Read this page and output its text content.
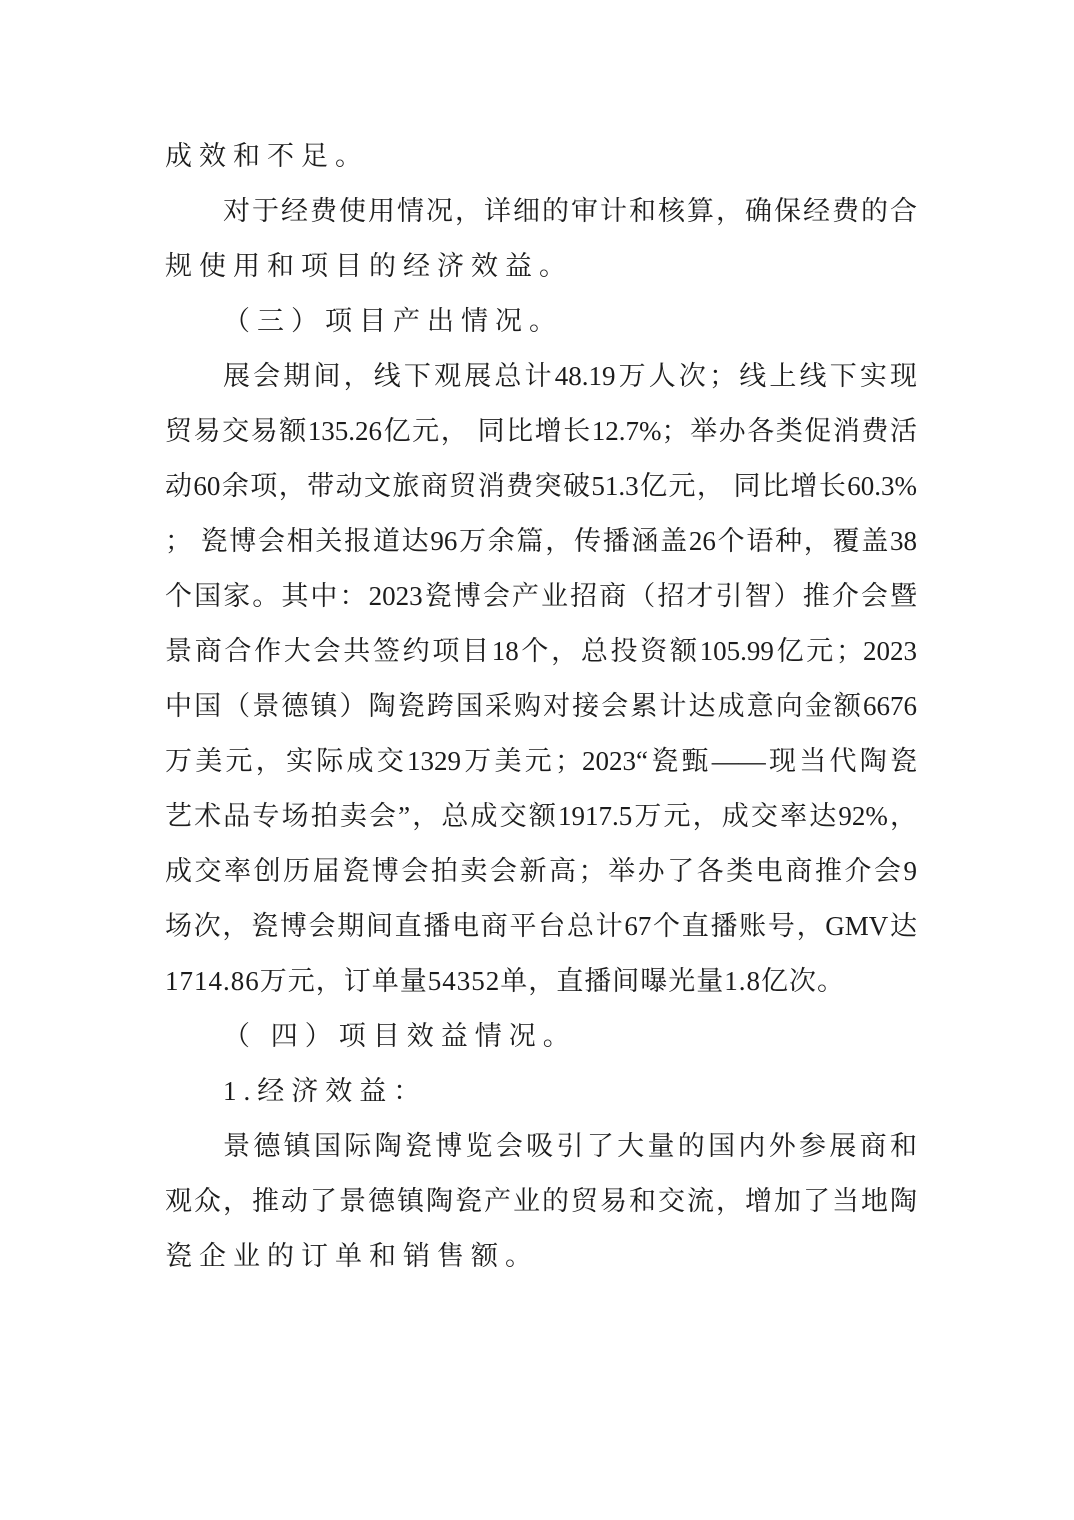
成效和不足。
对于经费使用情况，详细的审计和核算，确保经费的合
规使用和项目的经济效益。
（三）项目产出情况。
展会期间，线下观展总计48.19万人次；线上线下实现
贸易交易额135.26亿元， 同比增长12.7%；举办各类促消费活
动60余项，带动文旅商贸消费突破51.3亿元， 同比增长60.3%
； 瓷博会相关报道达96万余篇，传播涵盖26个语种，覆盖38
个国家。其中：2023瓷博会产业招商（招才引智）推介会暨
景商合作大会共签约项目18个，总投资额105.99亿元；2023
中国（景德镇）陶瓷跨国采购对接会累计达成意向金额6676
万美元，实际成交1329万美元；2023“瓷甄——现当代陶瓷
艺术品专场拍卖会”，总成交额1917.5万元，成交率达92%，
成交率创历届瓷博会拍卖会新高；举办了各类电商推介会9
场次，瓷博会期间直播电商平台总计67个直播账号，GMV达
1714.86万元，订单量54352单，直播间曝光量1.8亿次。
（ 四）项目效益情况。
1.经济效益：
景德镇国际陶瓷博览会吸引了大量的国内外参展商和
观众，推动了景德镇陶瓷产业的贸易和交流，增加了当地陶
瓷企业的订单和销售额。
